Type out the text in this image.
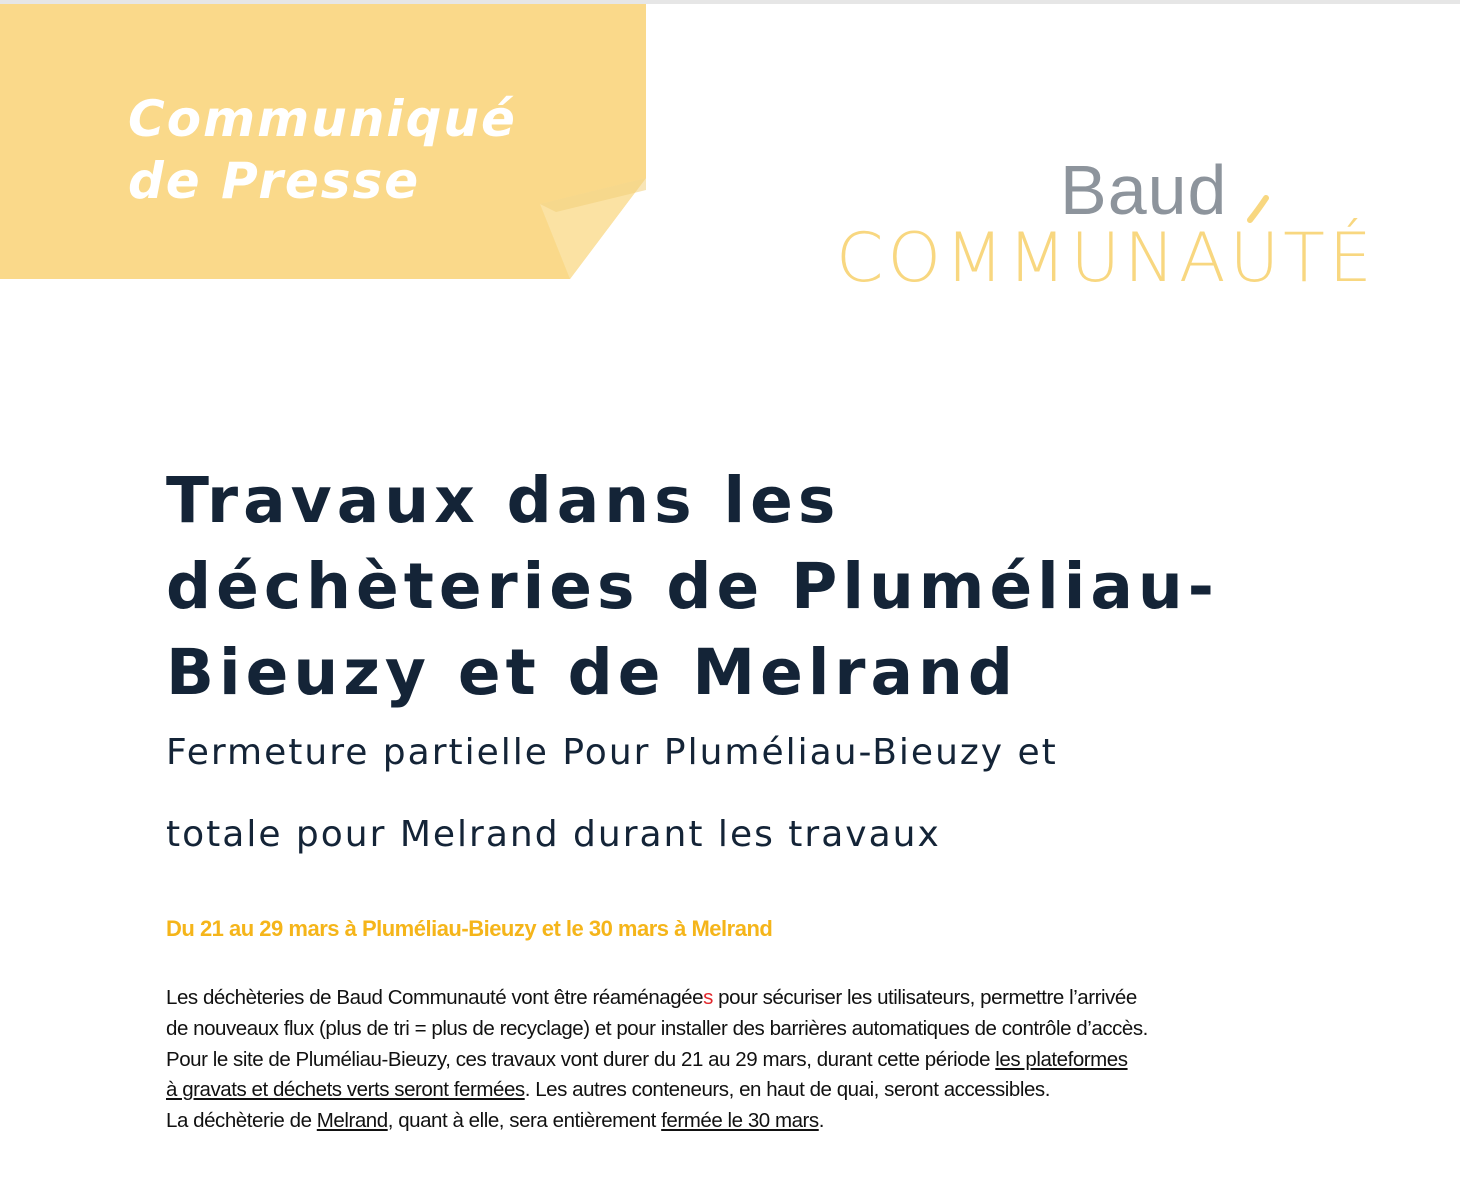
Communiqué
de Presse	Baud
COMMUNAUTÉ
Travaux dans les
déchèteries de Pluméliau-
Bieuzy et de Melrand
Fermeture partielle Pour Pluméliau-Bieuzy et
totale pour Melrand durant les travaux

Du 21 au 29 mars à Pluméliau-Bieuzy et le 30 mars à Melrand

Les déchèteries de Baud Communauté vont être réaménagées pour sécuriser les utilisateurs, permettre l’arrivée
de nouveaux flux (plus de tri = plus de recyclage) et pour installer des barrières automatiques de contrôle d’accès.
Pour le site de Pluméliau-Bieuzy, ces travaux vont durer du 21 au 29 mars, durant cette période les plateformes
à gravats et déchets verts seront fermées. Les autres conteneurs, en haut de quai, seront accessibles.
La déchèterie de Melrand, quant à elle, sera entièrement fermée le 30 mars.
